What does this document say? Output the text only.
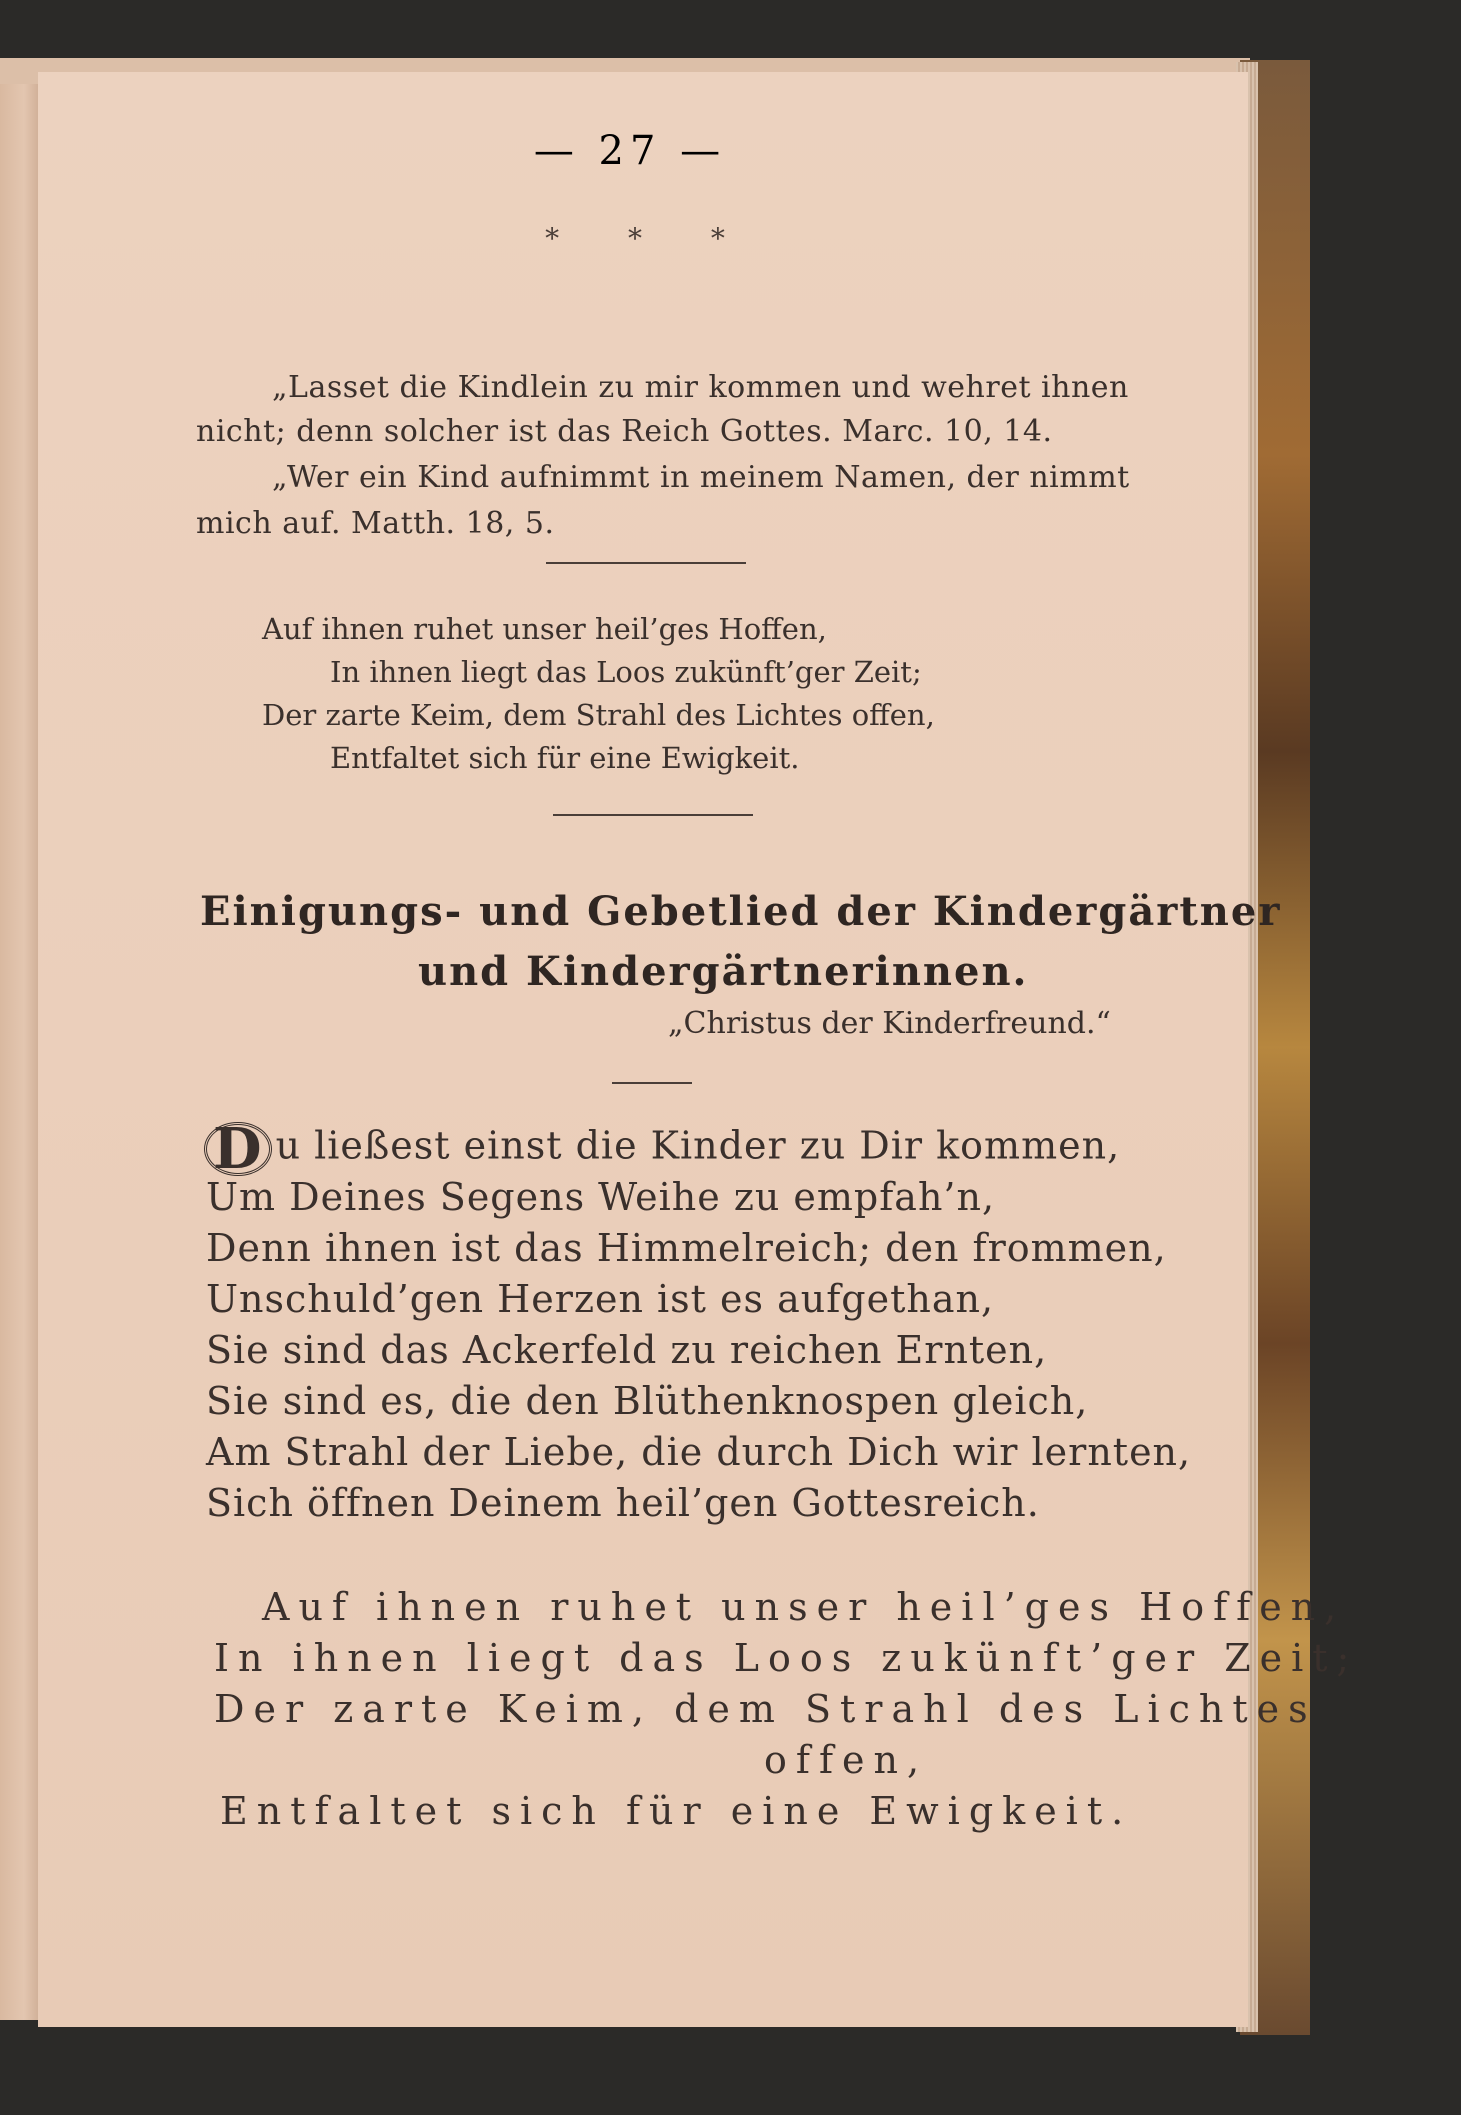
— 27 —
* * *
„Lasset die Kindlein zu mir kommen und wehret ihnen
nicht; denn solcher ist das Reich Gottes. Marc. 10, 14.
„Wer ein Kind aufnimmt in meinem Namen, der nimmt
mich auf. Matth. 18, 5.
Auf ihnen ruhet unser heil’ges Hoffen,
In ihnen liegt das Loos zukünft’ger Zeit;
Der zarte Keim, dem Strahl des Lichtes offen,
Entfaltet sich für eine Ewigkeit.
Einigungs- und Gebetlied der Kindergärtner
und Kindergärtnerinnen.
„Christus der Kinderfreund.“
D u ließest einst die Kinder zu Dir kommen,
Um Deines Segens Weihe zu empfah’n,
Denn ihnen ist das Himmelreich; den frommen,
Unschuld’gen Herzen ist es aufgethan,
Sie sind das Ackerfeld zu reichen Ernten,
Sie sind es, die den Blüthenknospen gleich,
Am Strahl der Liebe, die durch Dich wir lernten,
Sich öffnen Deinem heil’gen Gottesreich.
Auf ihnen ruhet unser heil’ges Hoffen,
In ihnen liegt das Loos zukünft’ger Zeit;
Der zarte Keim, dem Strahl des Lichtes
offen,
Entfaltet sich für eine Ewigkeit.
